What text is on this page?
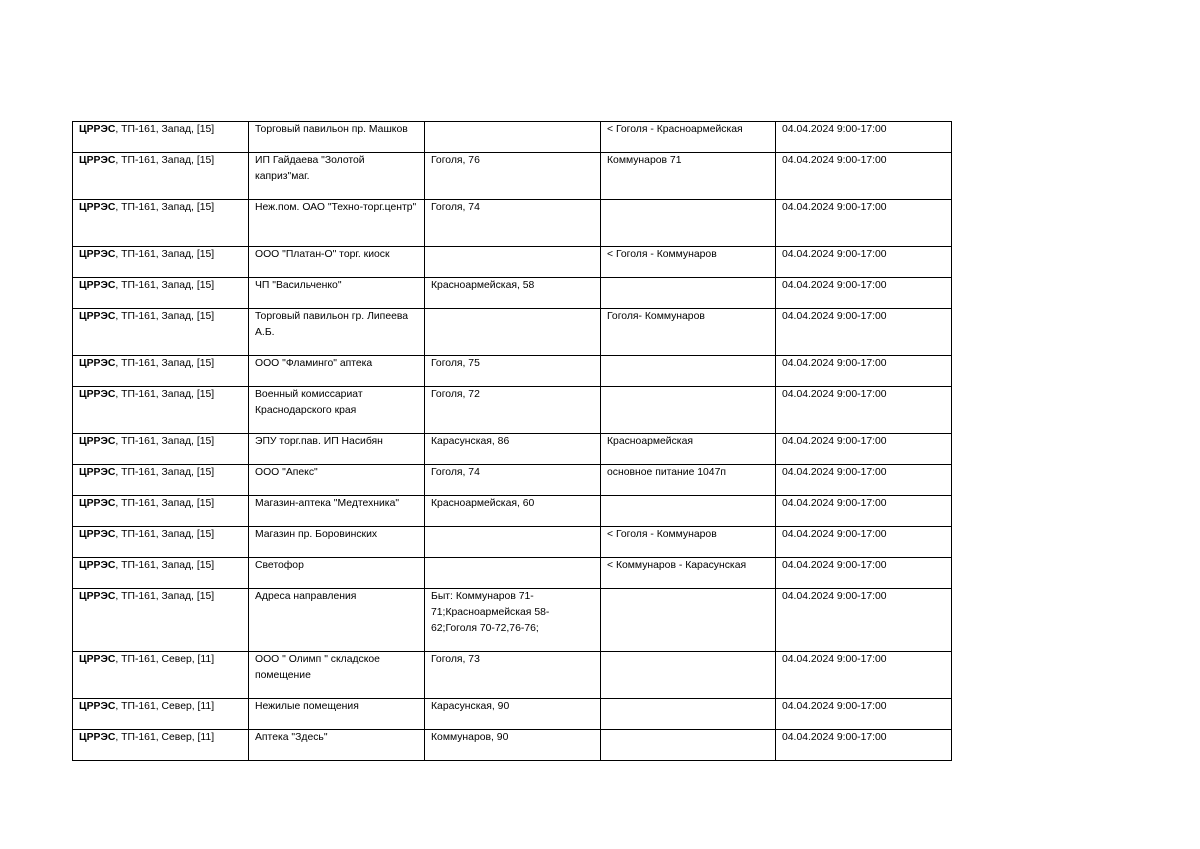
ЦРРЭС, ТП-161, Запад, [15]	Торговый павильон пр. Машков		< Гоголя - Красноармейская	04.04.2024 9:00-17:00
ЦРРЭС, ТП-161, Запад, [15]	ИП Гайдаева "Золотой каприз"маг.	Гоголя, 76	Коммунаров 71	04.04.2024 9:00-17:00
ЦРРЭС, ТП-161, Запад, [15]	Неж.пом. ОАО "Техно-торг.центр"	Гоголя, 74		04.04.2024 9:00-17:00
ЦРРЭС, ТП-161, Запад, [15]	ООО "Платан-О" торг. киоск		< Гоголя - Коммунаров	04.04.2024 9:00-17:00
ЦРРЭС, ТП-161, Запад, [15]	ЧП "Васильченко"	Красноармейская, 58		04.04.2024 9:00-17:00
ЦРРЭС, ТП-161, Запад, [15]	Торговый павильон гр. Липеева А.Б.		Гоголя- Коммунаров	04.04.2024 9:00-17:00
ЦРРЭС, ТП-161, Запад, [15]	ООО "Фламинго" аптека	Гоголя, 75		04.04.2024 9:00-17:00
ЦРРЭС, ТП-161, Запад, [15]	Военный комиссариат Краснодарского края	Гоголя, 72		04.04.2024 9:00-17:00
ЦРРЭС, ТП-161, Запад, [15]	ЭПУ торг.пав. ИП Насибян	Карасунская, 86	Красноармейская	04.04.2024 9:00-17:00
ЦРРЭС, ТП-161, Запад, [15]	ООО "Апекс"	Гоголя, 74	основное питание 1047п	04.04.2024 9:00-17:00
ЦРРЭС, ТП-161, Запад, [15]	Магазин-аптека "Медтехника"	Красноармейская, 60		04.04.2024 9:00-17:00
ЦРРЭС, ТП-161, Запад, [15]	Магазин пр. Боровинских		< Гоголя - Коммунаров	04.04.2024 9:00-17:00
ЦРРЭС, ТП-161, Запад, [15]	Светофор		< Коммунаров - Карасунская	04.04.2024 9:00-17:00
ЦРРЭС, ТП-161, Запад, [15]	Адреса направления	Быт: Коммунаров 71-71;Красноармейская 58-62;Гоголя 70-72,76-76;		04.04.2024 9:00-17:00
ЦРРЭС, ТП-161, Север, [11]	ООО " Олимп " складское помещение	Гоголя, 73		04.04.2024 9:00-17:00
ЦРРЭС, ТП-161, Север, [11]	Нежилые помещения	Карасунская, 90		04.04.2024 9:00-17:00
ЦРРЭС, ТП-161, Север, [11]	Аптека "Здесь"	Коммунаров, 90		04.04.2024 9:00-17:00
